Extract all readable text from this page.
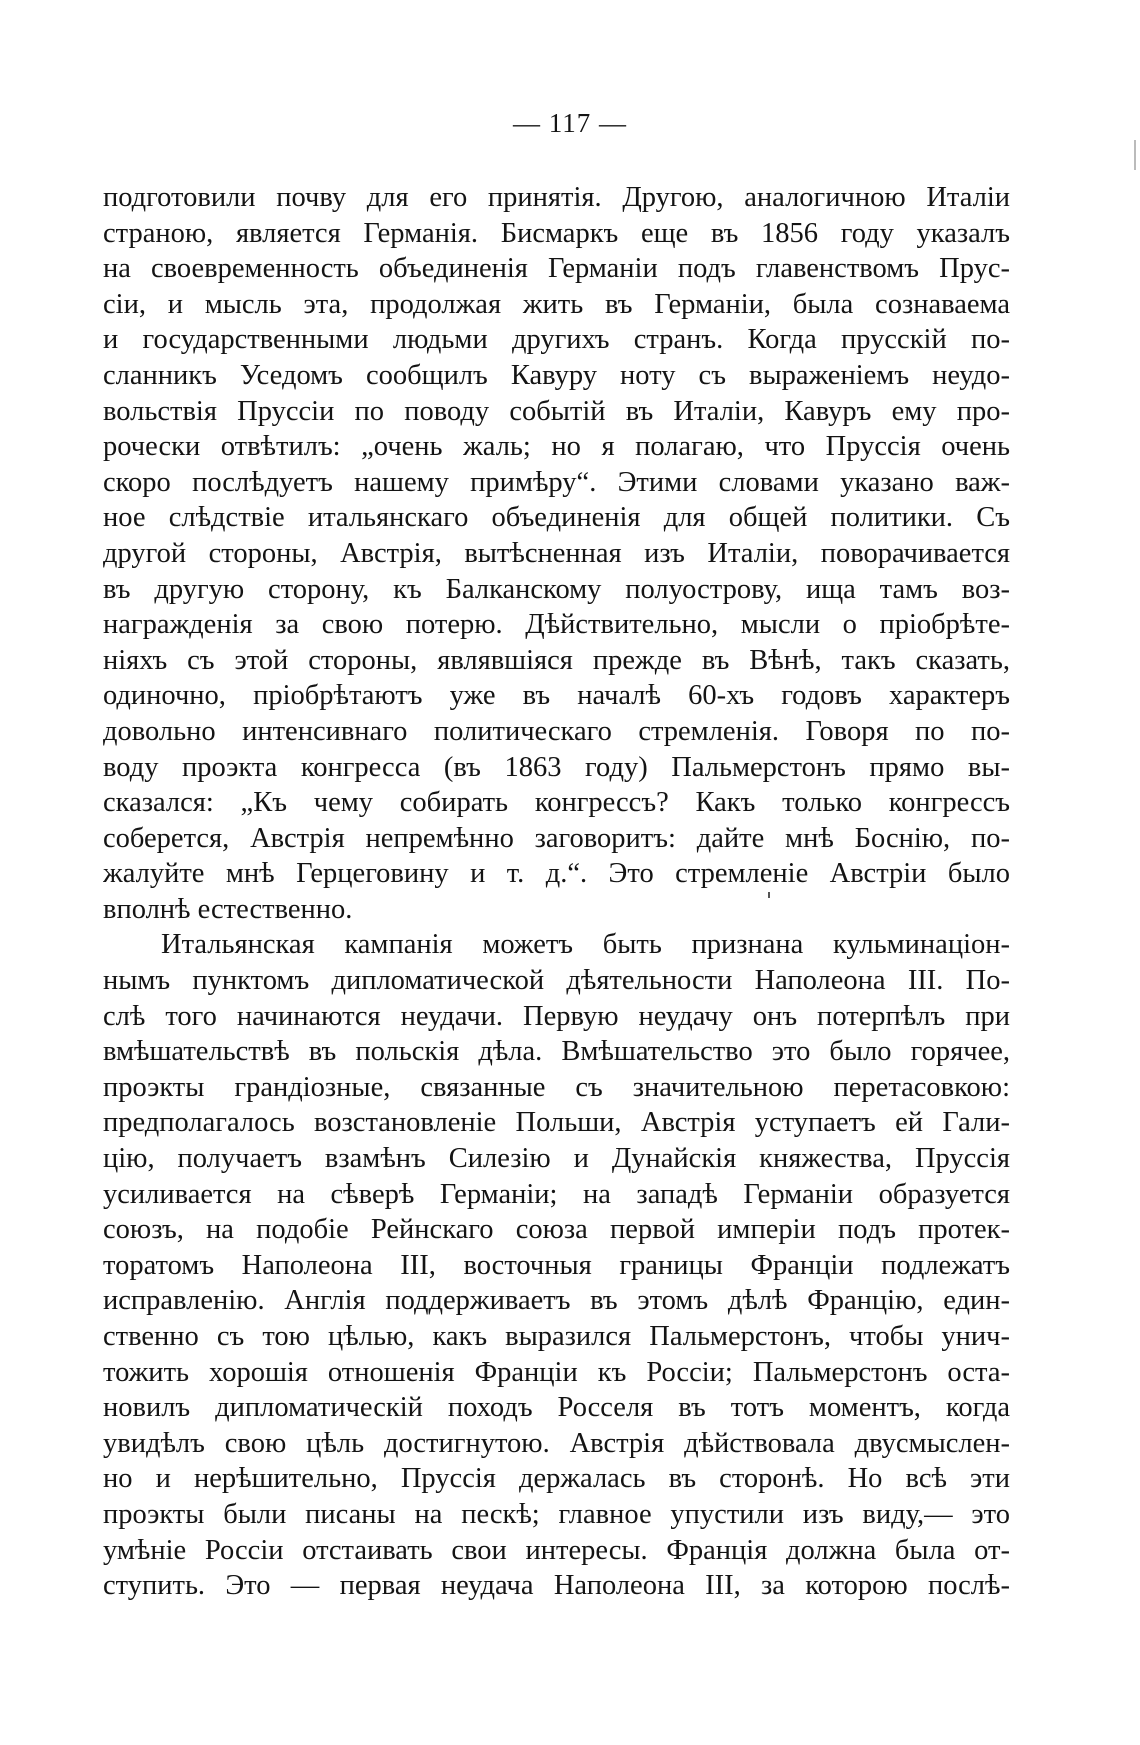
— 117 —
подготовили почву для его принятія. Другою, аналогичною Италіи
страною, является Германія. Бисмаркъ еще въ 1856 году указалъ
на своевременность объединенія Германіи подъ главенствомъ Прус-
сіи, и мысль эта, продолжая жить въ Германіи, была сознаваема
и государственными людьми другихъ странъ. Когда прусскій по-
сланникъ Уседомъ сообщилъ Кавуру ноту съ выраженіемъ неудо-
вольствія Пруссіи по поводу событій въ Италіи, Кавуръ ему про-
рочески отвѣтилъ: „очень жаль; но я полагаю, что Пруссія очень
скоро послѣдуетъ нашему примѣру“. Этими словами указано важ-
ное слѣдствіе итальянскаго объединенія для общей политики. Съ
другой стороны, Австрія, вытѣсненная изъ Италіи, поворачивается
въ другую сторону, къ Балканскому полуострову, ища тамъ воз-
награжденія за свою потерю. Дѣйствительно, мысли о пріобрѣте-
ніяхъ съ этой стороны, являвшіяся прежде въ Вѣнѣ, такъ сказать,
одиночно, пріобрѣтаютъ уже въ началѣ 60-хъ годовъ характеръ
довольно интенсивнаго политическаго стремленія. Говоря по по-
воду проэкта конгресса (въ 1863 году) Пальмерстонъ прямо вы-
сказался: „Къ чему собирать конгрессъ? Какъ только конгрессъ
соберется, Австрія непремѣнно заговоритъ: дайте мнѣ Боснію, по-
жалуйте мнѣ Герцеговину и т. д.“. Это стремленіе Австріи было
вполнѣ естественно.
Итальянская кампанія можетъ быть признана кульминаціон-
нымъ пунктомъ дипломатической дѣятельности Наполеона III. По-
слѣ того начинаются неудачи. Первую неудачу онъ потерпѣлъ при
вмѣшательствѣ въ польскія дѣла. Вмѣшательство это было горячее,
проэкты грандіозные, связанные съ значительною перетасовкою:
предполагалось возстановленіе Польши, Австрія уступаетъ ей Гали-
цію, получаетъ взамѣнъ Силезію и Дунайскія княжества, Пруссія
усиливается на сѣверѣ Германіи; на западѣ Германіи образуется
союзъ, на подобіе Рейнскаго союза первой имперіи подъ протек-
торатомъ Наполеона III, восточныя границы Франціи подлежатъ
исправленію. Англія поддерживаетъ въ этомъ дѣлѣ Францію, един-
ственно съ тою цѣлью, какъ выразился Пальмерстонъ, чтобы унич-
тожить хорошія отношенія Франціи къ Россіи; Пальмерстонъ оста-
новилъ дипломатическій походъ Росселя въ тотъ моментъ, когда
увидѣлъ свою цѣль достигнутою. Австрія дѣйствовала двусмыслен-
но и нерѣшительно, Пруссія держалась въ сторонѣ. Но всѣ эти
проэкты были писаны на пескѣ; главное упустили изъ виду,— это
умѣніе Россіи отстаивать свои интересы. Франція должна была от-
ступить. Это — первая неудача Наполеона III, за которою послѣ-
